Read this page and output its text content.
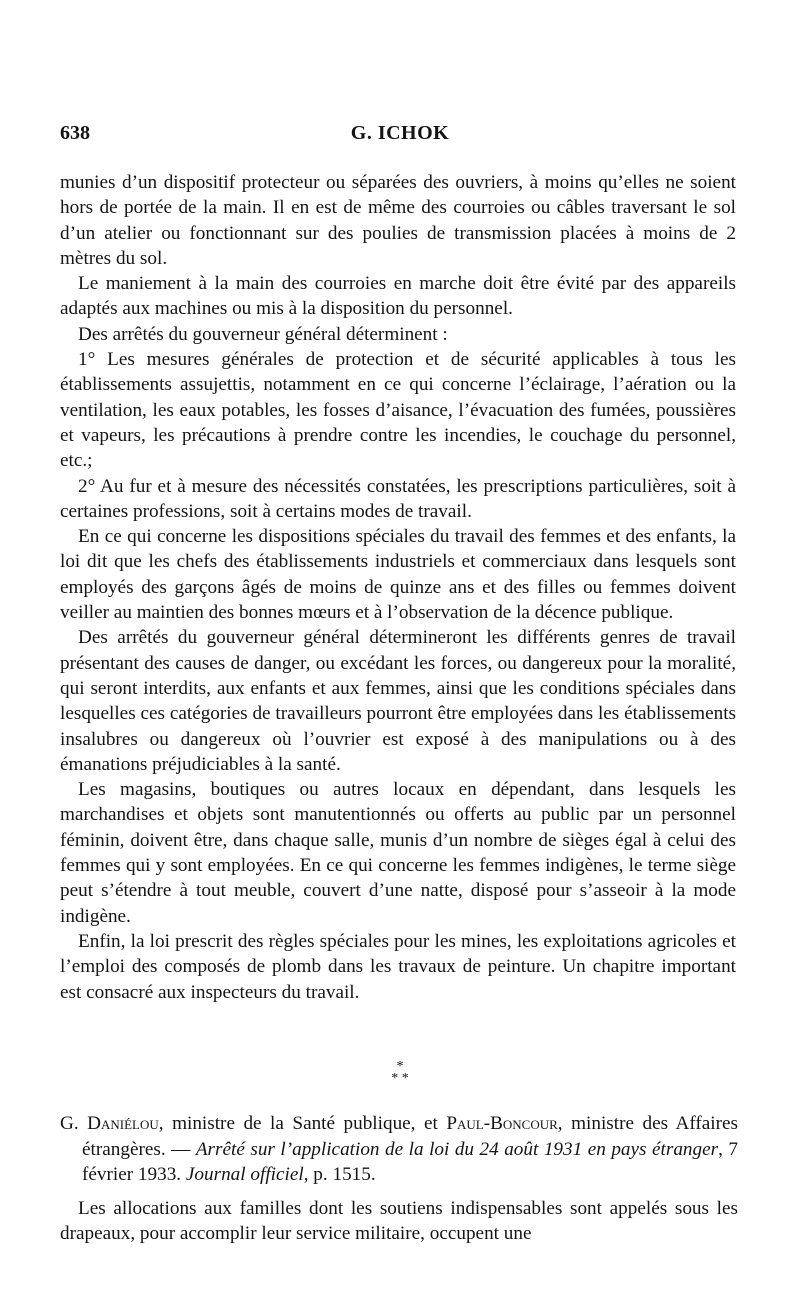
638	G. ICHOK

munies d’un dispositif protecteur ou séparées des ouvriers, à moins qu’elles ne soient hors de portée de la main. Il en est de même des courroies ou câbles traversant le sol d’un atelier ou fonctionnant sur des poulies de transmission placées à moins de 2 mètres du sol.

Le maniement à la main des courroies en marche doit être évité par des appareils adaptés aux machines ou mis à la disposition du personnel.

Des arrêtés du gouverneur général déterminent :

1° Les mesures générales de protection et de sécurité applicables à tous les établissements assujettis, notamment en ce qui concerne l’éclairage, l’aération ou la ventilation, les eaux potables, les fosses d’aisance, l’évacuation des fumées, poussières et vapeurs, les précautions à prendre contre les incendies, le couchage du personnel, etc.;

2° Au fur et à mesure des nécessités constatées, les prescriptions particulières, soit à certaines professions, soit à certains modes de travail.

En ce qui concerne les dispositions spéciales du travail des femmes et des enfants, la loi dit que les chefs des établissements industriels et commerciaux dans lesquels sont employés des garçons âgés de moins de quinze ans et des filles ou femmes doivent veiller au maintien des bonnes mœurs et à l’observation de la décence publique.

Des arrêtés du gouverneur général détermineront les différents genres de travail présentant des causes de danger, ou excédant les forces, ou dangereux pour la moralité, qui seront interdits, aux enfants et aux femmes, ainsi que les conditions spéciales dans lesquelles ces catégories de travailleurs pourront être employées dans les établissements insalubres ou dangereux où l’ouvrier est exposé à des manipulations ou à des émanations préjudiciables à la santé.

Les magasins, boutiques ou autres locaux en dépendant, dans lesquels les marchandises et objets sont manutentionnés ou offerts au public par un personnel féminin, doivent être, dans chaque salle, munis d’un nombre de sièges égal à celui des femmes qui y sont employées. En ce qui concerne les femmes indigènes, le terme siège peut s’étendre à tout meuble, couvert d’une natte, disposé pour s’asseoir à la mode indigène.

Enfin, la loi prescrit des règles spéciales pour les mines, les exploitations agricoles et l’emploi des composés de plomb dans les travaux de peinture. Un chapitre important est consacré aux inspecteurs du travail.

*
* *
G. Daniélou, ministre de la Santé publique, et Paul-Boncour, ministre des Affaires étrangères. — Arrêté sur l’application de la loi du 24 août 1931 en pays étranger, 7 février 1933. Journal officiel, p. 1515.

Les allocations aux familles dont les soutiens indispensables sont appelés sous les drapeaux, pour accomplir leur service militaire, occupent une
